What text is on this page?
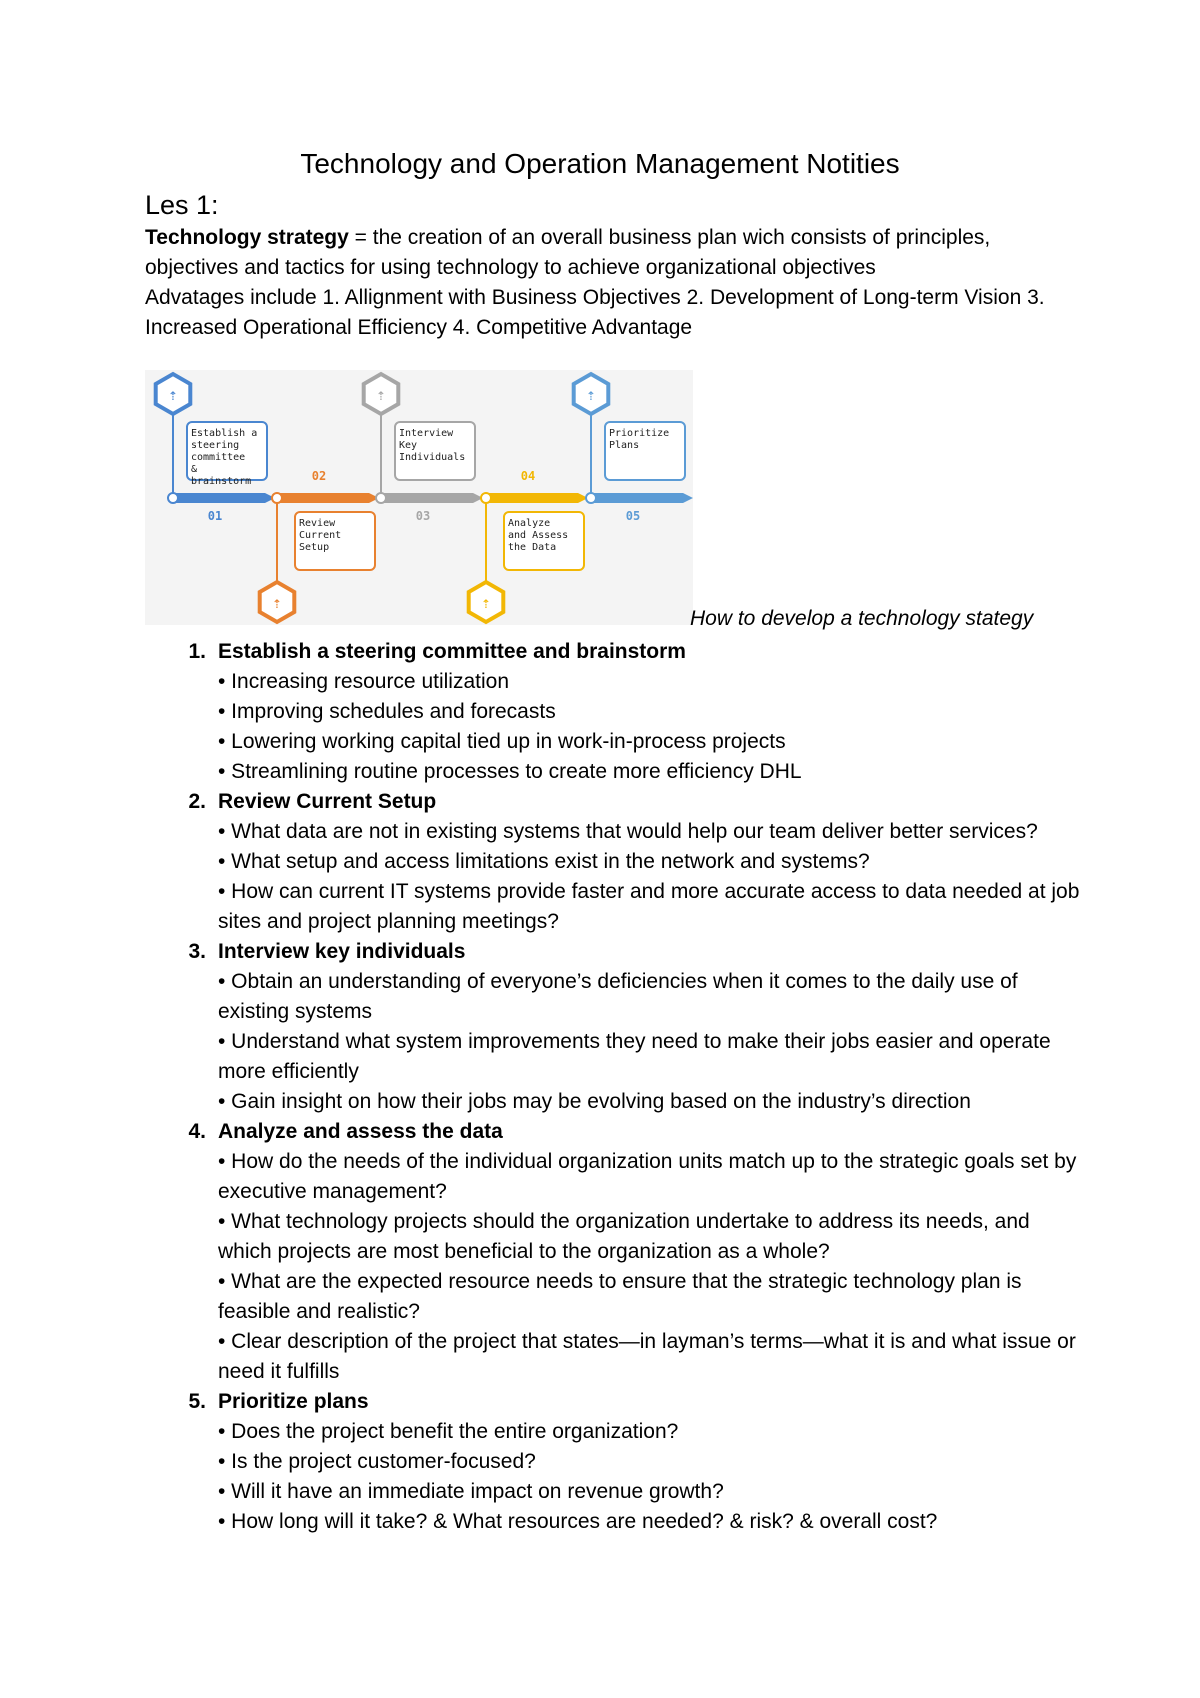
Technology and Operation Management Notities
Les 1:
Technology strategy = the creation of an overall business plan wich consists of principles, objectives and tactics for using technology to achieve organizational objectives
Advatages include 1. Allignment with Business Objectives 2. Development of Long-term Vision 3. Increased Operational Efficiency 4. Competitive Advantage
01
⇡
Establish a
steering
committee
&
brainstorm	02
⇡
Review
Current
Setup
03
⇡
Interview
Key
Individuals
04
⇡
Analyze
and Assess
the Data
05
⇡
Prioritize
Plans
How to develop a technology stategy
1. Establish a steering committee and brainstorm
• Increasing resource utilization
• Improving schedules and forecasts
• Lowering working capital tied up in work-in-process projects
• Streamlining routine processes to create more efficiency DHL
2. Review Current Setup
• What data are not in existing systems that would help our team deliver better services?
• What setup and access limitations exist in the network and systems?
• How can current IT systems provide faster and more accurate access to data needed at job sites and project planning meetings?
3. Interview key individuals
• Obtain an understanding of everyone’s deficiencies when it comes to the daily use of existing systems
• Understand what system improvements they need to make their jobs easier and operate more efficiently
• Gain insight on how their jobs may be evolving based on the industry’s direction
4. Analyze and assess the data
• How do the needs of the individual organization units match up to the strategic goals set by executive management?
• What technology projects should the organization undertake to address its needs, and which projects are most beneficial to the organization as a whole?
• What are the expected resource needs to ensure that the strategic technology plan is feasible and realistic?
• Clear description of the project that states—in layman’s terms—what it is and what issue or need it fulfills
5. Prioritize plans
• Does the project benefit the entire organization?
• Is the project customer-focused?
• Will it have an immediate impact on revenue growth?
• How long will it take? & What resources are needed? & risk? & overall cost?
